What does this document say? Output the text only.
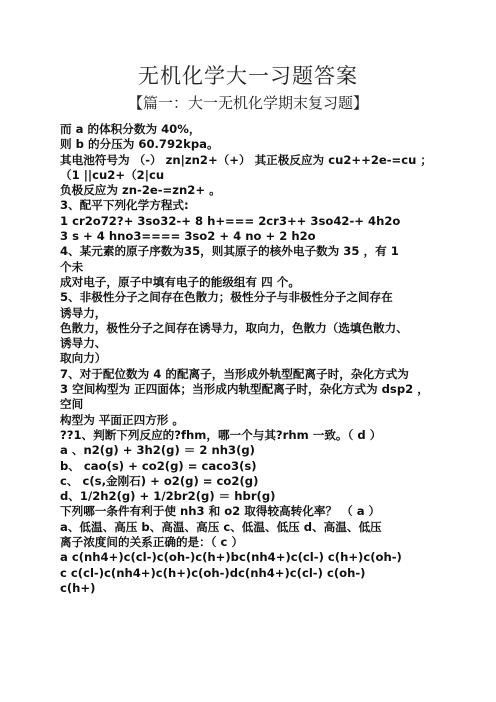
无机化学大一习题答案
【篇一：大一无机化学期末复习题】
而 a 的体积分数为 40%，
则 b 的分压为 60.792kpa。
其电池符号为 （-） zn|zn2+（+） 其正极反应为 cu2++2e-=cu ；
（1 ||cu2+（2|cu
负极反应为 zn-2e-=zn2+ 。
3、配平下列化学方程式:
1 cr2o72?+ 3so32-+ 8 h+=== 2cr3++ 3so42-+ 4h2o
3 s + 4 hno3==== 3so2 + 4 no + 2 h2o
4、某元素的原子序数为35，则其原子的核外电子数为 35 ，有 1
个未
成对电子，原子中填有电子的能级组有 四 个。
5、非极性分子之间存在色散力；极性分子与非极性分子之间存在
诱导力，
色散力，极性分子之间存在诱导力，取向力，色散力（选填色散力、
诱导力、
取向力）
7、对于配位数为 4 的配离子，当形成外轨型配离子时，杂化方式为
3 空间构型为 正四面体；当形成内轨型配离子时，杂化方式为 dsp2 ，
空间
构型为 平面正四方形 。
??1、判断下列反应的?fhm，哪一个与其?rhm 一致。（ d ）
a 、n2(g) + 3h2(g) ＝ 2 nh3(g)
b、 cao(s) + co2(g) = caco3(s)
c、 c(s,金刚石) + o2(g) = co2(g)
d、1/2h2(g) + 1/2br2(g) ＝ hbr(g)
下列哪一条件有利于使 nh3 和 o2 取得较高转化率？ （ a ）
a、低温、高压 b、高温、高压 c、低温、低压 d、高温、低压
离子浓度间的关系正确的是：（ c ）
a c(nh4+)c(cl-)c(oh-)c(h+)bc(nh4+)c(cl-) c(h+)c(oh-)
c c(cl-)c(nh4+)c(h+)c(oh-)dc(nh4+)c(cl-) c(oh-)
c(h+)
